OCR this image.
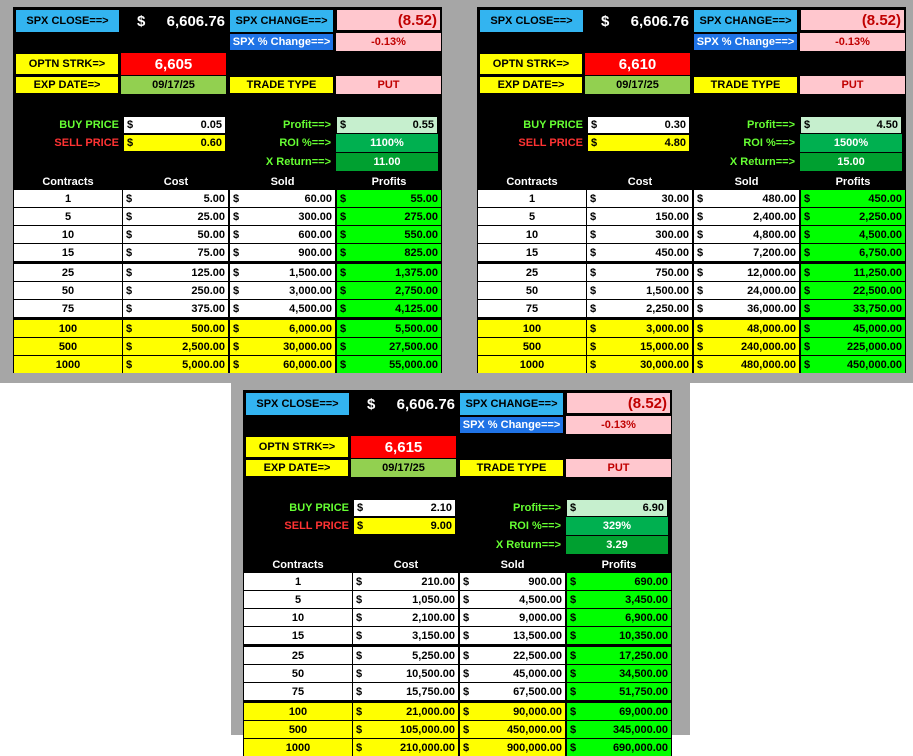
SPX CLOSE==>	$ 6,606.76 SPX CHANGE==>	(8.52)
SPX % Change==>	-0.13%
OPTN STRK=>	6,605
EXP DATE=>	09/17/25	TRADE TYPE	PUT
BUY PRICE $	0.05
SELL PRICE $	0.60
Profit==> $	0.55
ROI %==>	1100%
X Return==>	11.00
Contracts	Cost	Sold	Profits
1	$	5.00 $	60.00 $	55.00
5	$	25.00 $	300.00 $	275.00
10	$	50.00 $	600.00 $	550.00
15	$	75.00 $	900.00 $	825.00
25	$	125.00 $	1,500.00 $	1,375.00
50	$	250.00 $	3,000.00 $	2,750.00
75	$	375.00 $	4,500.00 $	4,125.00
100	$	500.00 $	6,000.00 $	5,500.00
500	$	2,500.00 $	30,000.00 $	27,500.00
1000	$	5,000.00 $	60,000.00 $	55,000.00
SPX CLOSE==>	$ 6,606.76 SPX CHANGE==>	(8.52)
SPX % Change==>	-0.13%
OPTN STRK=>	6,610
EXP DATE=>	09/17/25	TRADE TYPE	PUT
BUY PRICE $	0.30
SELL PRICE $	4.80
Profit==> $	4.50
ROI %==>	1500%
X Return==>	15.00
Contracts	Cost	Sold	Profits
1	$	30.00 $	480.00 $	450.00
5	$	150.00 $	2,400.00 $	2,250.00
10	$	300.00 $	4,800.00 $	4,500.00
15	$	450.00 $	7,200.00 $	6,750.00
25	$	750.00 $	12,000.00 $	11,250.00
50	$	1,500.00 $	24,000.00 $	22,500.00
75	$	2,250.00 $	36,000.00 $	33,750.00
100	$	3,000.00 $	48,000.00 $	45,000.00
500	$	15,000.00 $	240,000.00 $	225,000.00
1000	$	30,000.00 $	480,000.00 $	450,000.00
SPX CLOSE==>	$ 6,606.76 SPX CHANGE==>	(8.52)
SPX % Change==>	-0.13%
OPTN STRK=>	6,615
EXP DATE=>	09/17/25	TRADE TYPE	PUT
BUY PRICE $	2.10
SELL PRICE $	9.00
Profit==> $	6.90
ROI %==>	329%
X Return==>	3.29
Contracts	Cost	Sold	Profits
1	$	210.00 $	900.00 $	690.00
5	$	1,050.00 $	4,500.00 $	3,450.00
10	$	2,100.00 $	9,000.00 $	6,900.00
15	$	3,150.00 $	13,500.00 $	10,350.00
25	$	5,250.00 $	22,500.00 $	17,250.00
50	$	10,500.00 $	45,000.00 $	34,500.00
75	$	15,750.00 $	67,500.00 $	51,750.00
100	$	21,000.00 $	90,000.00 $	69,000.00
500	$	105,000.00 $	450,000.00 $	345,000.00
1000	$	210,000.00 $	900,000.00 $	690,000.00
